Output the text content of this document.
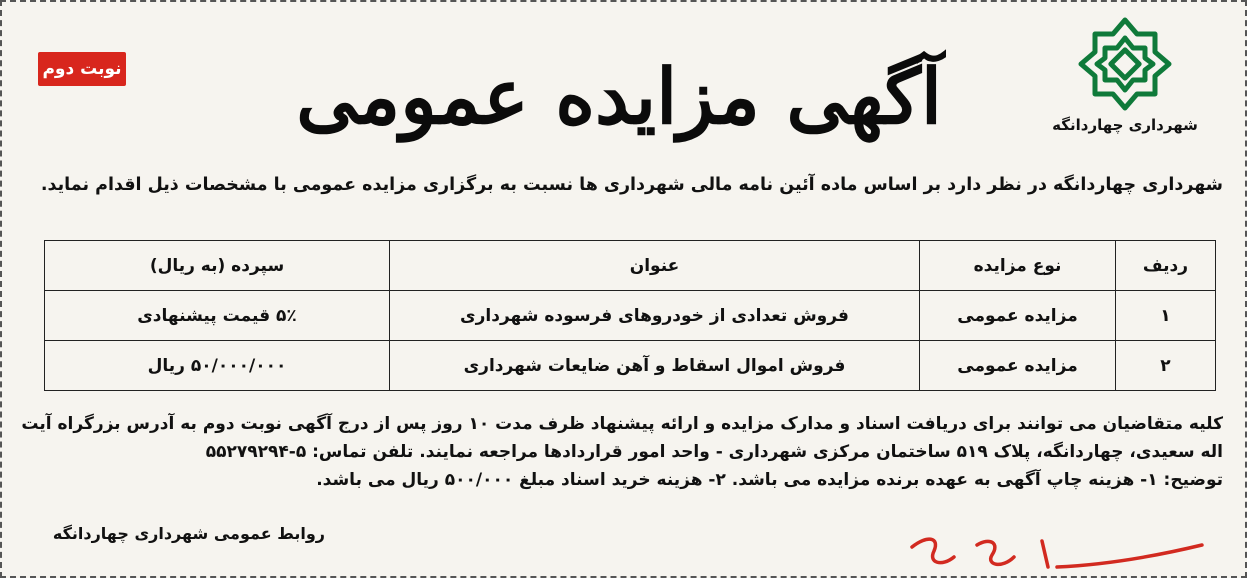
نوبت دوم
شهرداری چهاردانگه
آگهی مزایده عمومی
شهرداری چهاردانگه در نظر دارد بر اساس ماده آئین نامه مالی شهرداری ها نسبت به برگزاری مزایده عمومی با مشخصات ذیل اقدام نماید.
ردیف	نوع مزایده	عنوان	سپرده (به ریال)
۱	مزایده عمومی	فروش تعدادی از خودروهای فرسوده شهرداری	۵٪ قیمت پیشنهادی
۲	مزایده عمومی	فروش اموال اسقاط و آهن ضایعات شهرداری	۵۰/۰۰۰/۰۰۰ ریال

کلیه متقاضیان می توانند برای دریافت اسناد و مدارک مزایده و ارائه پیشنهاد ظرف مدت ۱۰ روز پس از درج آگهی نوبت دوم به آدرس بزرگراه آیت

اله سعیدی، چهاردانگه، پلاک ۵۱۹ ساختمان مرکزی شهرداری - واحد امور قراردادها مراجعه نمایند. تلفن تماس: ۵-۵۵۲۷۹۲۹۴

توضیح: ۱- هزینه چاپ آگهی به عهده برنده مزایده می باشد. ۲- هزینه خرید اسناد مبلغ ۵۰۰/۰۰۰ ریال می باشد.

روابط عمومی شهرداری چهاردانگه
